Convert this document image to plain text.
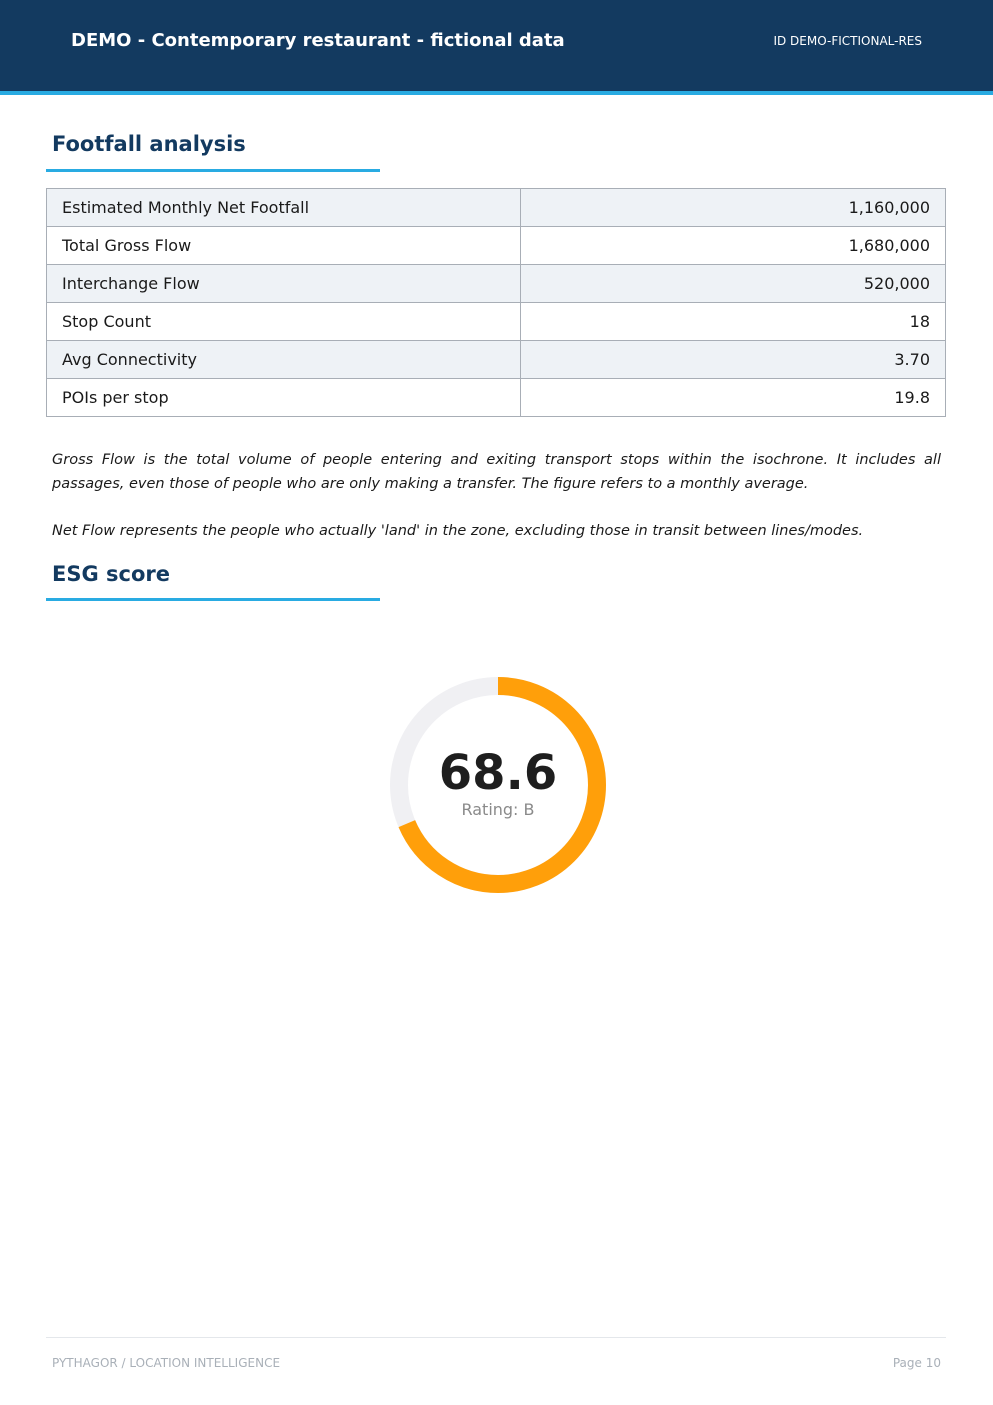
DEMO - Contemporary restaurant - fictional data	ID DEMO-FICTIONAL-RES
Footfall analysis
Estimated Monthly Net Footfall	1,160,000
Total Gross Flow	1,680,000
Interchange Flow	520,000
Stop Count	18
Avg Connectivity	3.70
POIs per stop	19.8

Gross Flow is the total volume of people entering and exiting transport stops within the isochrone. It includes all passages, even those of people who are only making a transfer. The figure refers to a monthly average.

Net Flow represents the people who actually 'land' in the zone, excluding those in transit between lines/modes.

ESG score
68.6
Rating: B
PYTHAGOR / LOCATION INTELLIGENCE	Page 10
